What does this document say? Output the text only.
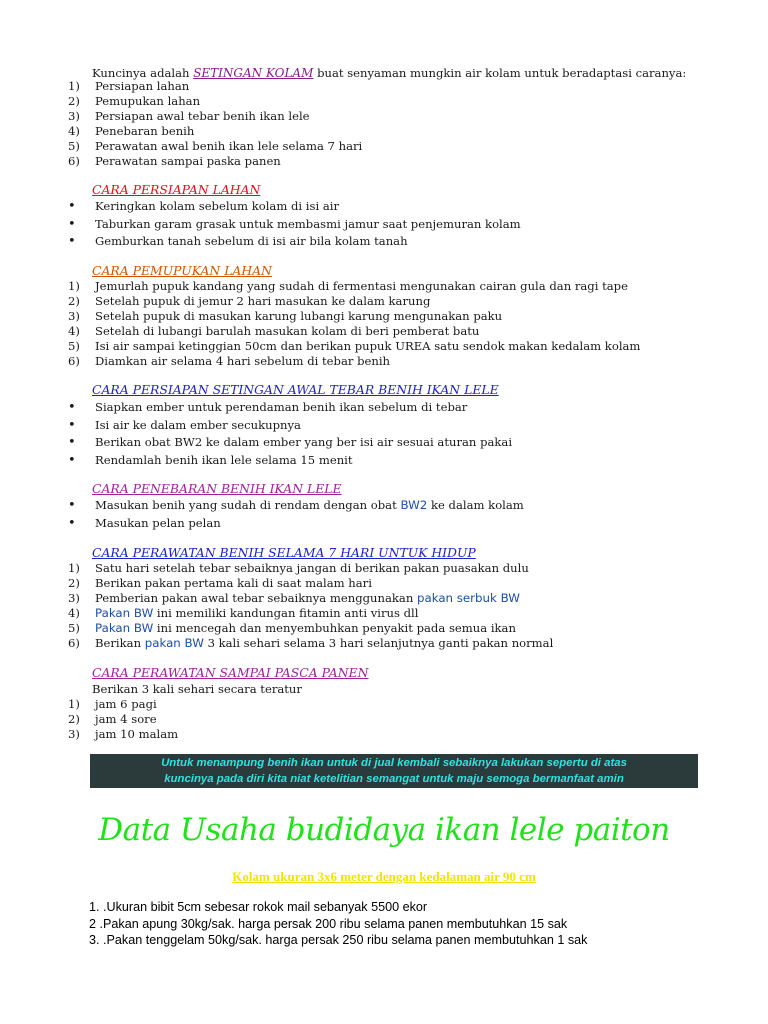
Kuncinya adalah SETINGAN KOLAM buat senyaman mungkin air kolam untuk beradaptasi caranya:
1)	Persiapan lahan
2)	Pemupukan lahan
3)	Persiapan awal tebar benih ikan lele
4)	Penebaran benih
5)	Perawatan awal benih ikan lele selama 7 hari
6)	Perawatan sampai paska panen
CARA PERSIAPAN LAHAN
•	Keringkan kolam sebelum kolam di isi air
•	Taburkan garam grasak untuk membasmi jamur saat penjemuran kolam
•	Gemburkan tanah sebelum di isi air bila kolam tanah
CARA PEMUPUKAN LAHAN
1)	Jemurlah pupuk kandang yang sudah di fermentasi mengunakan cairan gula dan ragi tape
2)	Setelah pupuk di jemur 2 hari masukan ke dalam karung
3)	Setelah pupuk di masukan karung lubangi karung mengunakan paku
4)	Setelah di lubangi barulah masukan kolam di beri pemberat batu
5)	Isi air sampai ketinggian 50cm dan berikan pupuk UREA satu sendok makan kedalam kolam
6)	Diamkan air selama 4 hari sebelum di tebar benih
CARA PERSIAPAN SETINGAN AWAL TEBAR BENIH IKAN LELE
•	Siapkan ember untuk perendaman benih ikan sebelum di tebar
•	Isi air ke dalam ember secukupnya
•	Berikan obat BW2 ke dalam ember yang ber isi air sesuai aturan pakai
•	Rendamlah benih ikan lele selama 15 menit
CARA PENEBARAN BENIH IKAN LELE
•	Masukan benih yang sudah di rendam dengan obat BW2 ke dalam kolam
•	Masukan pelan pelan
CARA PERAWATAN BENIH SELAMA 7 HARI UNTUK HIDUP
1)	Satu hari setelah tebar sebaiknya jangan di berikan pakan puasakan dulu
2)	Berikan pakan pertama kali di saat malam hari
3)	Pemberian pakan awal tebar sebaiknya menggunakan pakan serbuk BW
4)	Pakan BW ini memiliki kandungan fitamin anti virus dll
5)	Pakan BW ini mencegah dan menyembuhkan penyakit pada semua ikan
6)	Berikan pakan BW 3 kali sehari selama 3 hari selanjutnya ganti pakan normal
CARA PERAWATAN SAMPAI PASCA PANEN
Berikan 3 kali sehari secara teratur
1)	jam 6 pagi
2)	jam 4 sore
3)	jam 10 malam
Untuk menampung benih ikan untuk di jual kembali sebaiknya lakukan sepertu di atas
kuncinya pada diri kita niat ketelitian semangat untuk maju semoga bermanfaat amin
Data Usaha budidaya ikan lele paiton
Kolam ukuran 3x6 meter dengan kedalaman air 90 cm
1. .Ukuran bibit 5cm sebesar rokok mail sebanyak 5500 ekor
2 .Pakan apung 30kg/sak. harga persak 200 ribu selama panen membutuhkan 15 sak
3. .Pakan tenggelam 50kg/sak. harga persak 250 ribu selama panen membutuhkan 1 sak
